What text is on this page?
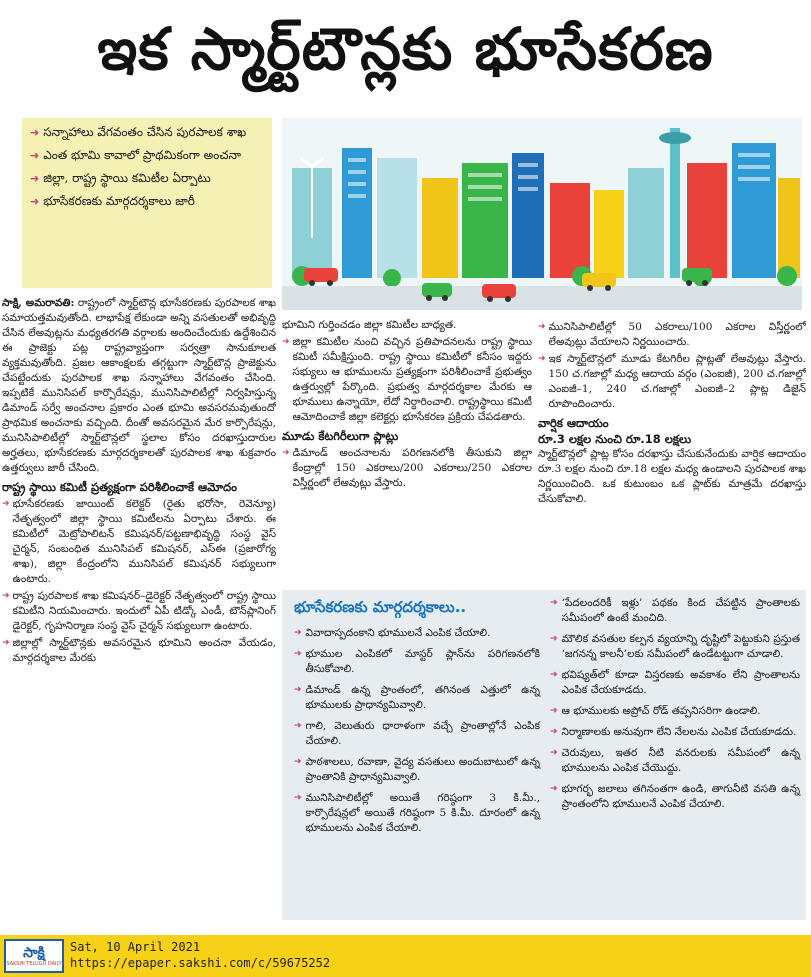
ఇక స్మార్ట్‌టౌన్లకు భూసేకరణ
➜ సన్నాహాలు వేగవంతం చేసిన పురపాలక శాఖ
➜ ఎంత భూమి కావాలో ప్రాథమికంగా అంచనా
➜ జిల్లా, రాష్ట్ర స్థాయి కమిటీల ఏర్పాటు
➜ భూసేకరణకు మార్గదర్శకాలు జారీ
సాక్షి, అమరావతి: రాష్ట్రంలో స్మార్ట్‌టౌన్ల భూసేకరణకు పురపాలక శాఖ సమాయత్తమవుతోంది. లాభాపేక్ష లేకుండా అన్ని వసతులతో అభివృద్ధి చేసిన లేఅవుట్లను మధ్యతరగతి వర్గాలకు అందించేందుకు ఉద్దేశించిన ఈ ప్రాజెక్టు పట్ల రాష్ట్రవ్యాప్తంగా సర్వత్రా సానుకూలత వ్యక్తమవుతోంది. ప్రజల ఆకాంక్షలకు తగ్గట్టుగా స్మార్ట్‌టౌన్ల ప్రాజెక్టును చేపట్టేందుకు పురపాలక శాఖ సన్నాహాలు వేగవంతం చేసింది. ఇప్పటికే మునిసిపల్ కార్పొరేషన్లు, మునిసిపాలిటీల్లో నిర్వహిస్తున్న డిమాండ్ సర్వే అంచనాల ప్రకారం ఎంత భూమి అవసరమవుతుందో ప్రాథమిక అంచనాకు వచ్చింది. దీంతో అవసరమైన మేర కార్పొరేషన్లు, మునిసిపాలిటీల్లో స్మార్ట్‌టౌన్లలో స్థలాల కోసం దరఖాస్తుదారుల అర్హతలు, భూసేకరణకు మార్గదర్శకాలతో పురపాలక శాఖ శుక్రవారం ఉత్తర్వులు జారీ చేసింది.
రాష్ట్ర స్థాయి కమిటీ ప్రత్యక్షంగా పరిశీలించాకే ఆమోదం
➜ భూసేకరణకు జాయింట్ కలెక్టర్ (రైతు భరోసా, రెవెన్యూ) నేతృత్వంలో జిల్లా స్థాయి కమిటీలను ఏర్పాటు చేశారు. ఈ కమిటీలో మెట్రోపాలిటన్ కమిషనర్/పట్టణాభివృద్ధి సంస్థ వైస్ చైర్మన్, సంబంధిత మునిసిపల్ కమిషనర్, ఎస్‌ఈ (ప్రజారోగ్య శాఖ), జిల్లా కేంద్రంలోని మునిసిపల్ కమిషనర్ సభ్యులుగా ఉంటారు.
➜ రాష్ట్ర పురపాలక శాఖ కమిషనర్–డైరెక్టర్ నేతృత్వంలో రాష్ట్ర స్థాయి కమిటీని నియమించారు. ఇందులో ఏపీ టిడ్కో ఎండీ, టౌన్‌ప్లానింగ్ డైరెక్టర్, గృహనిర్మాణ సంస్థ వైస్ చైర్మన్ సభ్యులుగా ఉంటారు.
➜ జిల్లాల్లో స్మార్ట్‌టౌన్లకు అవసరమైన భూమిని అంచనా వేయడం, మార్గదర్శకాల మేరకు
భూమిని గుర్తించడం జిల్లా కమిటీల బాధ్యత.
➜ జిల్లా కమిటీల నుంచి వచ్చిన ప్రతిపాదనలను రాష్ట్ర స్థాయి కమిటీ సమీక్షిస్తుంది. రాష్ట్ర స్థాయి కమిటీలో కనీసం ఇద్దరు సభ్యులు ఆ భూములను ప్రత్యక్షంగా పరిశీలించాకే ప్రభుత్వం ఉత్తర్వుల్లో పేర్కొంది. ప్రభుత్వ మార్గదర్శకాల మేరకు ఆ భూములు ఉన్నాయో, లేదో నిర్ధారించాలి. రాష్ట్రస్థాయి కమిటీ ఆమోదించాకే జిల్లా కలెక్టర్లు భూసేకరణ ప్రక్రియ చేపడతారు.
మూడు కేటగిరీలుగా ప్లాట్లు
➜ డిమాండ్ అంచనాలను పరిగణనలోకి తీసుకుని జిల్లా కేంద్రాల్లో 150 ఎకరాలు/200 ఎకరాలు/250 ఎకరాల విస్తీర్ణంలో లేఅవుట్లు వేస్తారు.
➜ మునిసిపాలిటీల్లో 50 ఎకరాలు/100 ఎకరాల విస్తీర్ణంలో లేఅవుట్లు వేయాలని నిర్ణయించారు.
➜ ఇక స్మార్ట్‌టౌన్లలో మూడు కేటగిరీల ప్లాట్లతో లేఅవుట్లు వేస్తారు. 150 చ.గజాల్లో మధ్య ఆదాయ వర్గం (ఎంఐజీ), 200 చ.గజాల్లో ఎంఐజీ–1, 240 చ.గజాల్లో ఎంఐజీ–2 ప్లాట్ల డిజైన్ రూపొందించారు.
వార్షిక ఆదాయం
రూ.3 లక్షల నుంచి రూ.18 లక్షలు
స్మార్ట్‌టౌన్లలో ప్లాట్ల కోసం దరఖాస్తు చేసుకునేందుకు వార్షిక ఆదాయం రూ.3 లక్షల నుంచి రూ.18 లక్షల మధ్య ఉండాలని పురపాలక శాఖ నిర్ణయించింది. ఒక కుటుంబం ఒక ప్లాట్‌కు మాత్రమే దరఖాస్తు చేసుకోవాలి.
భూసేకరణకు మార్గదర్శకాలు..
➜ వివాదాస్పదంకాని భూములనే ఎంపిక చేయాలి.
➜ భూముల ఎంపికలో మాస్టర్ ప్లాన్‌ను పరిగణనలోకి తీసుకోవాలి.
➜ డిమాండ్ ఉన్న ప్రాంతంలో, తగినంత ఎత్తులో ఉన్న భూములకు ప్రాధాన్యమివ్వాలి.
➜ గాలి, వెలుతురు ధారాళంగా వచ్చే ప్రాంతాల్లోనే ఎంపిక చేయాలి.
➜ పాఠశాలలు, రవాణా, వైద్య వసతులు అందుబాటులో ఉన్న ప్రాంతానికి ప్రాధాన్యమివ్వాలి.
➜ మునిసిపాలిటీల్లో అయితే గరిష్ఠంగా 3 కి.మీ., కార్పొరేషన్లలో అయితే గరిష్ఠంగా 5 కి.మీ. దూరంలో ఉన్న భూములను ఎంపిక చేయాలి.
➜ ‘పేదలందరికీ ఇళ్లు’ పథకం కింద చేపట్టిన ప్రాంతాలకు సమీపంలో ఉంటే మంచిది.
➜ మౌలిక వసతుల కల్పన వ్యయాన్ని దృష్టిలో పెట్టుకుని ప్రస్తుత ‘జగనన్న కాలనీ’లకు సమీపంలో ఉండేటట్టుగా చూడాలి.
➜ భవిష్యత్‌లో కూడా విస్తరణకు అవకాశం లేని ప్రాంతాలను ఎంపిక చేయకూడదు.
➜ ఆ భూములకు అప్రోచ్ రోడ్ తప్పనిసరిగా ఉండాలి.
➜ నిర్మాణాలకు అనువుగా లేని నేలలను ఎంపిక చేయకూడదు.
➜ చెరువులు, ఇతర నీటి వనరులకు సమీపంలో ఉన్న భూములను ఎంపిక చేయొద్దు.
➜ భూగర్భ జలాలు తగినంతగా ఉండి, తాగునీటి వసతి ఉన్న ప్రాంతంలోని భూములనే ఎంపిక చేయాలి.
సాక్షి
SAKSHI TELUGU DAILY
Sat, 10 April 2021
https://epaper.sakshi.com/c/59675252
